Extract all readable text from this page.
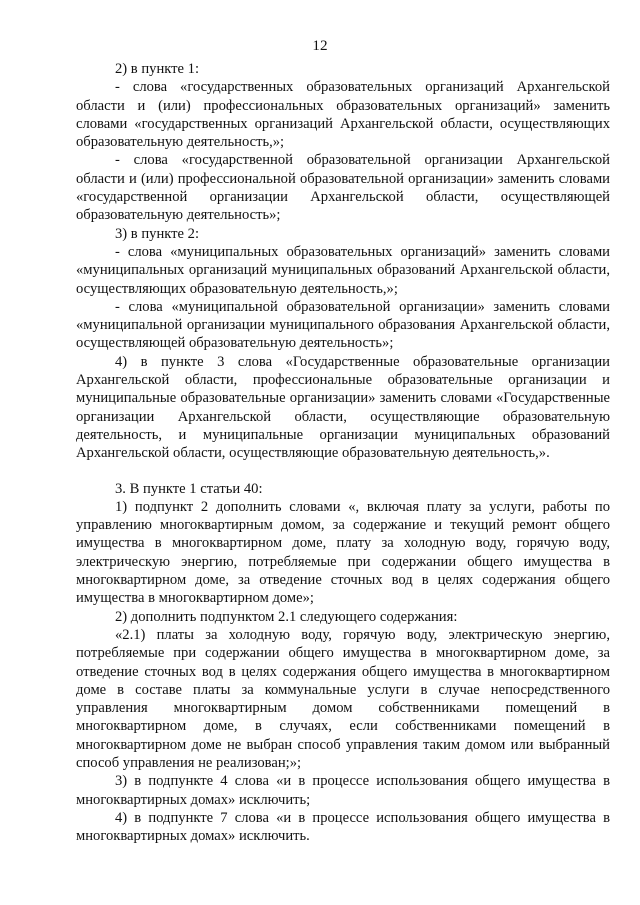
12

2) в пункте 1:

- слова «государственных образовательных организаций Архангельской области и (или) профессиональных образовательных организаций» заменить словами «государственных организаций Архангельской области, осуществляющих образовательную деятельность,»;

- слова «государственной образовательной организации Архангельской области и (или) профессиональной образовательной организации» заменить словами «государственной организации Архангельской области, осуществляющей образовательную деятельность»;

3) в пункте 2:

- слова «муниципальных образовательных организаций» заменить словами «муниципальных организаций муниципальных образований Архангельской области, осуществляющих образовательную деятельность,»;

- слова «муниципальной образовательной организации» заменить словами «муниципальной организации муниципального образования Архангельской области, осуществляющей образовательную деятельность»;

4) в пункте 3 слова «Государственные образовательные организации Архангельской области, профессиональные образовательные организации и муниципальные образовательные организации» заменить словами «Государственные организации Архангельской области, осуществляющие образовательную деятельность, и муниципальные организации муниципальных образований Архангельской области, осуществляющие образовательную деятельность,».

3. В пункте 1 статьи 40:

1) подпункт 2 дополнить словами «, включая плату за услуги, работы по управлению многоквартирным домом, за содержание и текущий ремонт общего имущества в многоквартирном доме, плату за холодную воду, горячую воду, электрическую энергию, потребляемые при содержании общего имущества в многоквартирном доме, за отведение сточных вод в целях содержания общего имущества в многоквартирном доме»;

2) дополнить подпунктом 2.1 следующего содержания:

«2.1) платы за холодную воду, горячую воду, электрическую энергию, потребляемые при содержании общего имущества в многоквартирном доме, за отведение сточных вод в целях содержания общего имущества в многоквартирном доме в составе платы за коммунальные услуги в случае непосредственного управления многоквартирным домом собственниками помещений в многоквартирном доме, в случаях, если собственниками помещений в многоквартирном доме не выбран способ управления таким домом или выбранный способ управления не реализован;»;

3) в подпункте 4 слова «и в процессе использования общего имущества в многоквартирных домах» исключить;

4) в подпункте 7 слова «и в процессе использования общего имущества в многоквартирных домах» исключить.
